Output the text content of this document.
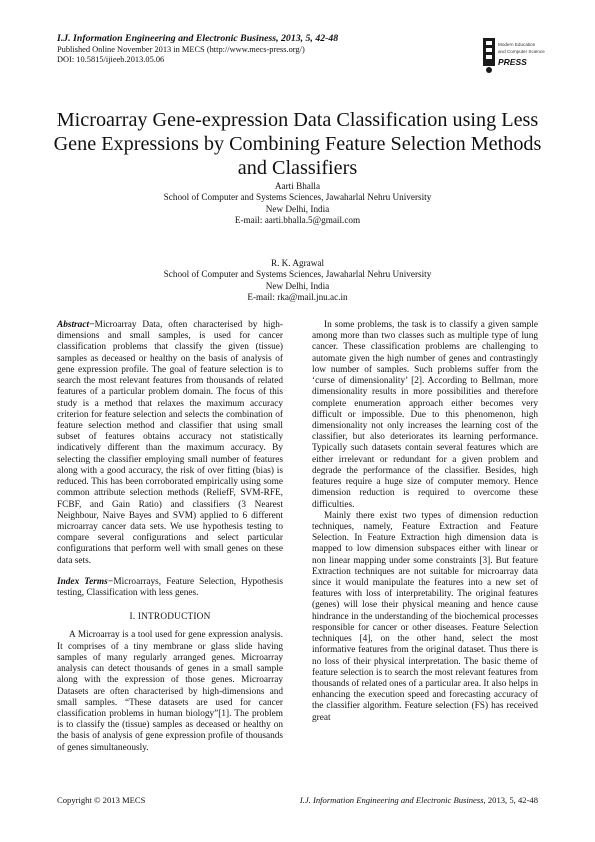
I.J. Information Engineering and Electronic Business, 2013, 5, 42-48
Published Online November 2013 in MECS (http://www.mecs-press.org/)
DOI: 10.5815/ijieeb.2013.05.06
Modern Education
and Computer Science
PRESS
Microarray Gene-expression Data Classification using Less Gene Expressions by Combining Feature Selection Methods and Classifiers
Aarti Bhalla
School of Computer and Systems Sciences, Jawaharlal Nehru University
New Delhi, India
E-mail: aarti.bhalla.5@gmail.com
R. K. Agrawal
School of Computer and Systems Sciences, Jawaharlal Nehru University
New Delhi, India
E-mail: rka@mail.jnu.ac.in

Abstract−Microarray Data, often characterised by high-dimensions and small samples, is used for cancer classification problems that classify the given (tissue) samples as deceased or healthy on the basis of analysis of gene expression profile. The goal of feature selection is to search the most relevant features from thousands of related features of a particular problem domain. The focus of this study is a method that relaxes the maximum accuracy criterion for feature selection and selects the combination of feature selection method and classifier that using small subset of features obtains accuracy not statistically indicatively different than the maximum accuracy. By selecting the classifier employing small number of features along with a good accuracy, the risk of over fitting (bias) is reduced. This has been corroborated empirically using some common attribute selection methods (ReliefF, SVM-RFE, FCBF, and Gain Ratio) and classifiers (3 Nearest Neighbour, Naive Bayes and SVM) applied to 6 different microarray cancer data sets. We use hypothesis testing to compare several configurations and select particular configurations that perform well with small genes on these data sets.

Index Terms−Microarrays, Feature Selection, Hypothesis testing, Classification with less genes.

I. INTRODUCTION

A Microarray is a tool used for gene expression analysis. It comprises of a tiny membrane or glass slide having samples of many regularly arranged genes. Microarray analysis can detect thousands of genes in a small sample along with the expression of those genes. Microarray Datasets are often characterised by high-dimensions and small samples. “These datasets are used for cancer classification problems in human biology”[1]. The problem is to classify the (tissue) samples as deceased or healthy on the basis of analysis of gene expression profile of thousands of genes simultaneously.

In some problems, the task is to classify a given sample among more than two classes such as multiple type of lung cancer. These classification problems are challenging to automate given the high number of genes and contrastingly low number of samples. Such problems suffer from the ‘curse of dimensionality’ [2]. According to Bellman, more dimensionality results in more possibilities and therefore complete enumeration approach either becomes very difficult or impossible. Due to this phenomenon, high dimensionality not only increases the learning cost of the classifier, but also deteriorates its learning performance. Typically such datasets contain several features which are either irrelevant or redundant for a given problem and degrade the performance of the classifier. Besides, high features require a huge size of computer memory. Hence dimension reduction is required to overcome these difficulties.

Mainly there exist two types of dimension reduction techniques, namely, Feature Extraction and Feature Selection. In Feature Extraction high dimension data is mapped to low dimension subspaces either with linear or non linear mapping under some constraints [3]. But feature Extraction techniques are not suitable for microarray data since it would manipulate the features into a new set of features with loss of interpretability. The original features (genes) will lose their physical meaning and hence cause hindrance in the understanding of the biochemical processes responsible for cancer or other diseases. Feature Selection techniques [4], on the other hand, select the most informative features from the original dataset. Thus there is no loss of their physical interpretation. The basic theme of feature selection is to search the most relevant features from thousands of related ones of a particular area. It also helps in enhancing the execution speed and forecasting accuracy of the classifier algorithm. Feature selection (FS) has received great

Copyright © 2013 MECS	I.J. Information Engineering and Electronic Business, 2013, 5, 42-48
